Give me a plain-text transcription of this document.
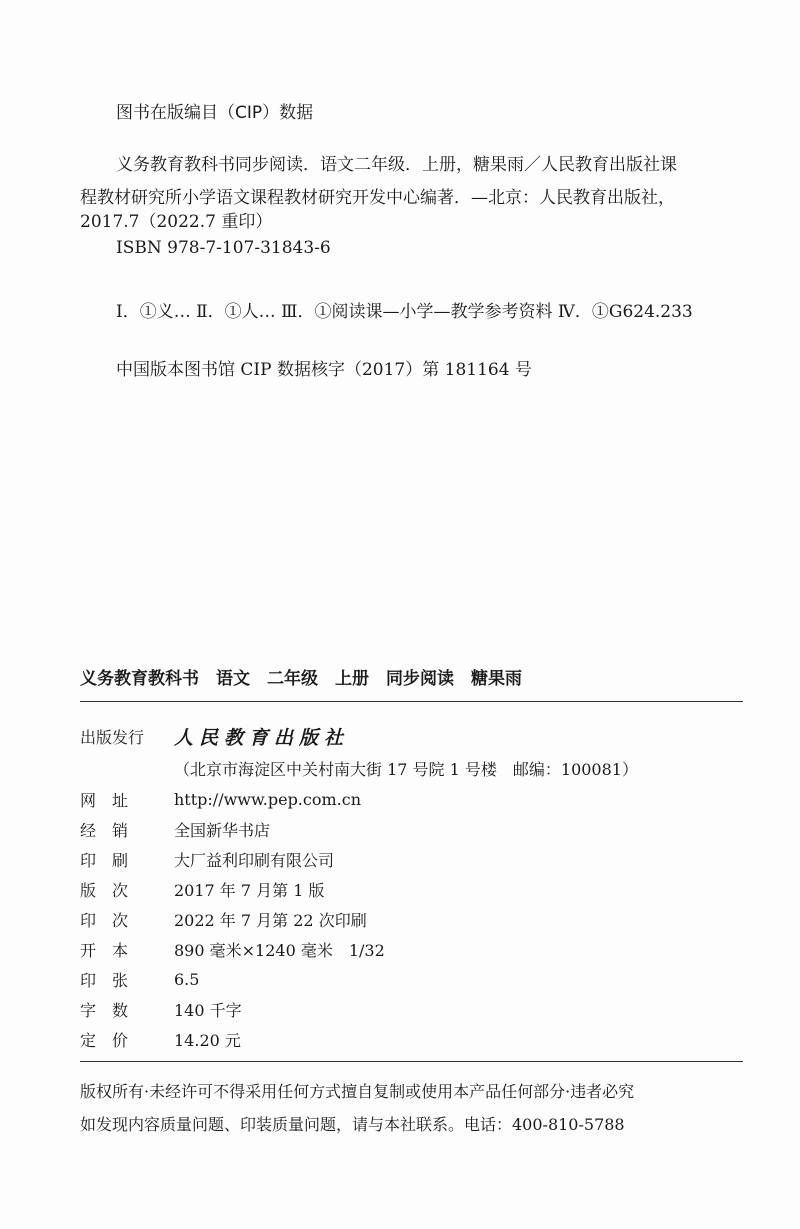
图书在版编目（CIP）数据
义务教育教科书同步阅读．语文二年级．上册，糖果雨／人民教育出版社课
程教材研究所小学语文课程教材研究开发中心编著．—北京：人民教育出版社，
2017.7（2022.7 重印）
ISBN 978-7-107-31843-6
Ⅰ．①义… Ⅱ．①人… Ⅲ．①阅读课—小学—教学参考资料 Ⅳ．①G624.233
中国版本图书馆 CIP 数据核字（2017）第 181164 号
义务教育教科书　语文　二年级　上册　同步阅读　糖果雨
出版发行	人民教育出版社
（北京市海淀区中关村南大街 17 号院 1 号楼　邮编：100081）
网　址	http://www.pep.com.cn
经　销	全国新华书店
印　刷	大厂益利印刷有限公司
版　次	2017 年 7 月第 1 版
印　次	2022 年 7 月第 22 次印刷
开　本	890 毫米×1240 毫米　1/32
印　张	6.5
字　数	140 千字
定　价	14.20 元
版权所有·未经许可不得采用任何方式擅自复制或使用本产品任何部分·违者必究
如发现内容质量问题、印装质量问题，请与本社联系。电话：400-810-5788
